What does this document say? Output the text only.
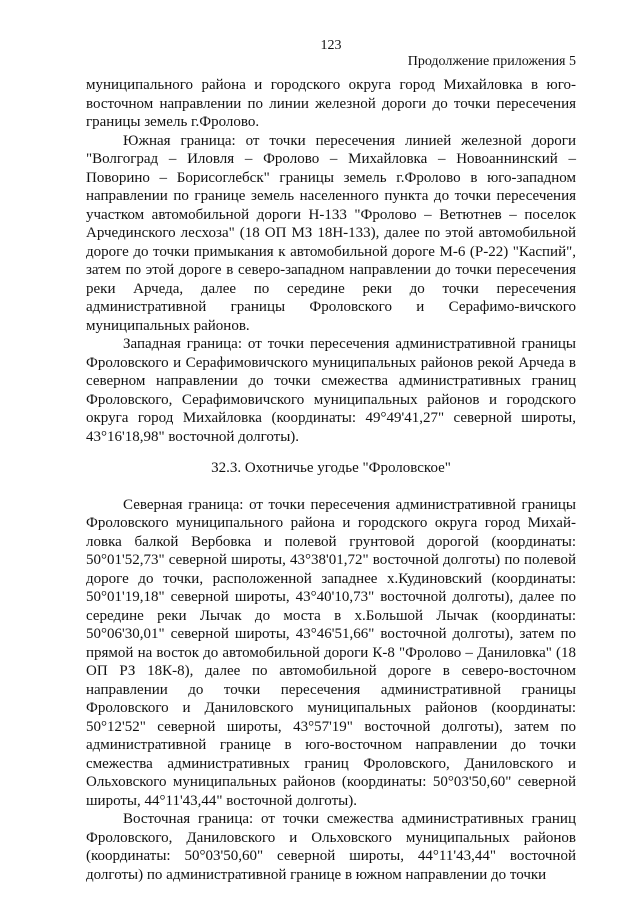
123
Продолжение приложения 5

муниципального района и городского округа город Михайловка в юго-восточном направлении по линии железной дороги до точки пересечения границы земель г.Фролово.

Южная граница: от точки пересечения линией железной дороги "Волгоград – Иловля – Фролово – Михайловка – Новоаннинский – Поворино – Борисоглебск" границы земель г.Фролово в юго-западном направлении по границе земель населенного пункта до точки пересечения участком автомобильной дороги Н-133 "Фролово – Ветютнев – поселок Арчединского лесхоза" (18 ОП МЗ 18Н-133), далее по этой автомобильной дороге до точки примыкания к автомобильной дороге М-6 (Р-22) "Каспий", затем по этой дороге в северо-западном направлении до точки пересечения реки Арчеда, далее по середине реки до точки пересечения административной границы Фроловского и Серафимо-вичского муниципальных районов.

Западная граница: от точки пересечения административной границы Фроловского и Серафимовичского муниципальных районов рекой Арчеда в северном направлении до точки смежества административных границ Фроловского, Серафимовичского муниципальных районов и городского округа город Михайловка (координаты: 49°49'41,27" северной широты, 43°16'18,98" восточной долготы).

32.3. Охотничье угодье "Фроловское"

Северная граница: от точки пересечения административной границы Фроловского муниципального района и городского округа город Михай-ловка балкой Вербовка и полевой грунтовой дорогой (координаты: 50°01'52,73" северной широты, 43°38'01,72" восточной долготы) по полевой дороге до точки, расположенной западнее х.Кудиновский (координаты: 50°01'19,18" северной широты, 43°40'10,73" восточной долготы), далее по середине реки Лычак до моста в х.Большой Лычак (координаты: 50°06'30,01" северной широты, 43°46'51,66" восточной долготы), затем по прямой на восток до автомобильной дороги К-8 "Фролово – Даниловка" (18 ОП РЗ 18К-8), далее по автомобильной дороге в северо-восточном направлении до точки пересечения административной границы Фроловского и Даниловского муниципальных районов (координаты: 50°12'52" северной широты, 43°57'19" восточной долготы), затем по административной границе в юго-восточном направлении до точки смежества административных границ Фроловского, Даниловского и Ольховского муниципальных районов (координаты: 50°03'50,60" северной широты, 44°11'43,44" восточной долготы).

Восточная граница: от точки смежества административных границ Фроловского, Даниловского и Ольховского муниципальных районов (координаты: 50°03'50,60" северной широты, 44°11'43,44" восточной долготы) по административной границе в южном направлении до точки
